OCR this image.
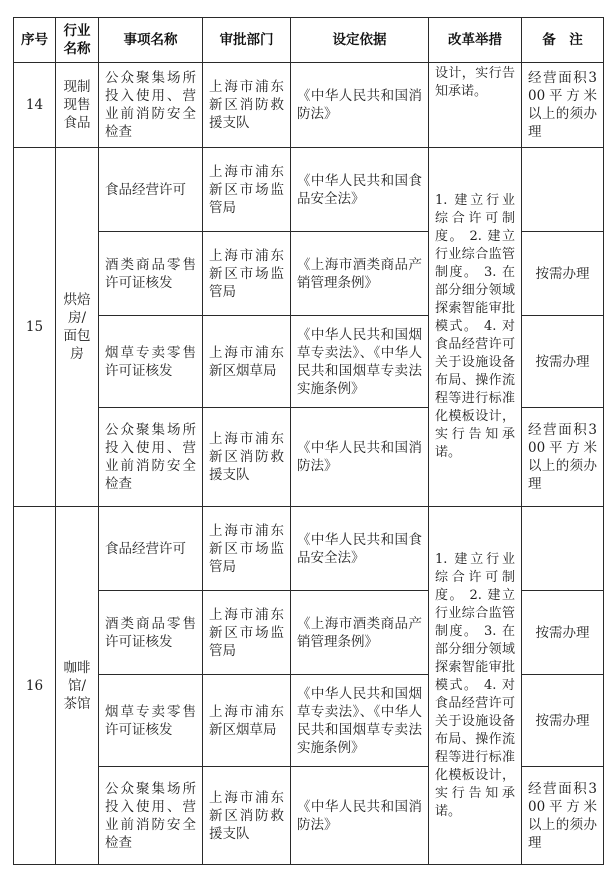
序号	行业名称	事项名称	审批部门	设定依据	改革举措	备　注
14	现制现售食品	公众聚集场所投入使用、营业前消防安全检查	上海市浦东新区消防救援支队	《中华人民共和国消防法》	设计，实行告知承诺。	经营面积300平方米以上的须办理
15	烘焙房/面包房	食品经营许可	上海市浦东新区市场监管局	《中华人民共和国食品安全法》	1. 建立行业综合许可制度。 2. 建立行业综合监管制度。 3. 在部分细分领域探索智能审批模式。 4. 对食品经营许可关于设施设备布局、操作流程等进行标准化模板设计，实行告知承诺。	
		酒类商品零售许可证核发	上海市浦东新区市场监管局	《上海市酒类商品产销管理条例》		按需办理
		烟草专卖零售许可证核发	上海市浦东新区烟草局	《中华人民共和国烟草专卖法》、《中华人民共和国烟草专卖法实施条例》		按需办理
		公众聚集场所投入使用、营业前消防安全检查	上海市浦东新区消防救援支队	《中华人民共和国消防法》		经营面积300平方米以上的须办理
16	咖啡馆/茶馆	食品经营许可	上海市浦东新区市场监管局	《中华人民共和国食品安全法》	1. 建立行业综合许可制度。 2. 建立行业综合监管制度。 3. 在部分细分领域探索智能审批模式。 4. 对食品经营许可关于设施设备布局、操作流程等进行标准化模板设计，实行告知承诺。	
		酒类商品零售许可证核发	上海市浦东新区市场监管局	《上海市酒类商品产销管理条例》		按需办理
		烟草专卖零售许可证核发	上海市浦东新区烟草局	《中华人民共和国烟草专卖法》、《中华人民共和国烟草专卖法实施条例》		按需办理
		公众聚集场所投入使用、营业前消防安全检查	上海市浦东新区消防救援支队	《中华人民共和国消防法》		经营面积300平方米以上的须办理
